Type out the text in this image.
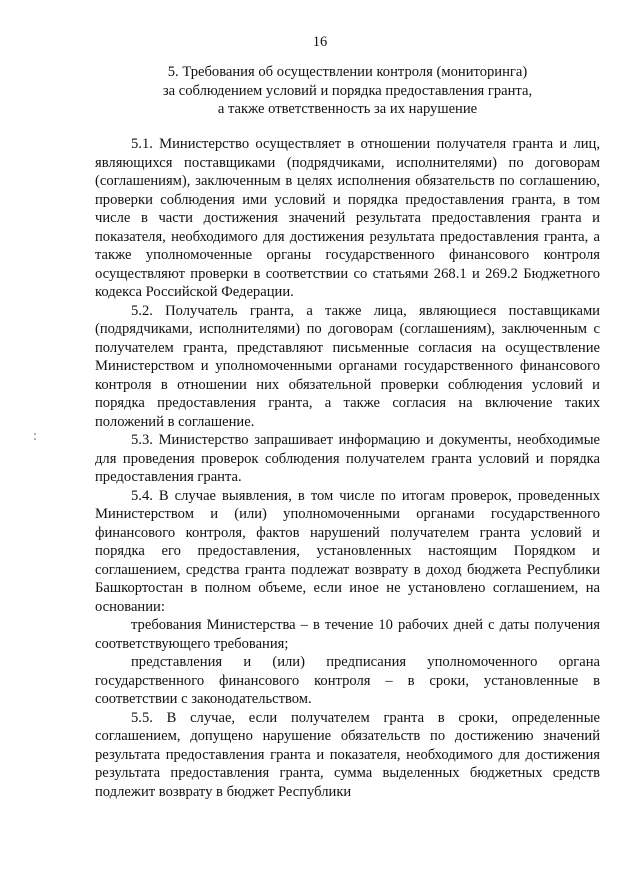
16
5. Требования об осуществлении контроля (мониторинга)
за соблюдением условий и порядка предоставления гранта,
а также ответственность за их нарушение

5.1. Министерство осуществляет в отношении получателя гранта и лиц, являющихся поставщиками (подрядчиками, исполнителями) по договорам (соглашениям), заключенным в целях исполнения обязательств по соглашению, проверки соблюдения ими условий и порядка предоставления гранта, в том числе в части достижения значений результата предоставления гранта и показателя, необходимого для достижения результата предоставления гранта, а также уполномоченные органы государственного финансового контроля осуществляют проверки в соответствии со статьями 268.1 и 269.2 Бюджетного кодекса Российской Федерации.

5.2. Получатель гранта, а также лица, являющиеся поставщиками (подрядчиками, исполнителями) по договорам (соглашениям), заключенным с получателем гранта, представляют письменные согласия на осуществление Министерством и уполномоченными органами государственного финансового контроля в отношении них обязательной проверки соблюдения условий и порядка предоставления гранта, а также согласия на включение таких положений в соглашение.

5.3. Министерство запрашивает информацию и документы, необходимые для проведения проверок соблюдения получателем гранта условий и порядка предоставления гранта.

5.4. В случае выявления, в том числе по итогам проверок, проведенных Министерством и (или) уполномоченными органами государственного финансового контроля, фактов нарушений получателем гранта условий и порядка его предоставления, установленных настоящим Порядком и соглашением, средства гранта подлежат возврату в доход бюджета Республики Башкортостан в полном объеме, если иное не установлено соглашением, на основании:

требования Министерства – в течение 10 рабочих дней с даты получения соответствующего требования;

представления и (или) предписания уполномоченного органа государственного финансового контроля – в сроки, установленные в соответствии с законодательством.

5.5. В случае, если получателем гранта в сроки, определенные соглашением, допущено нарушение обязательств по достижению значений результата предоставления гранта и показателя, необходимого для достижения результата предоставления гранта, сумма выделенных бюджетных средств подлежит возврату в бюджет Республики
